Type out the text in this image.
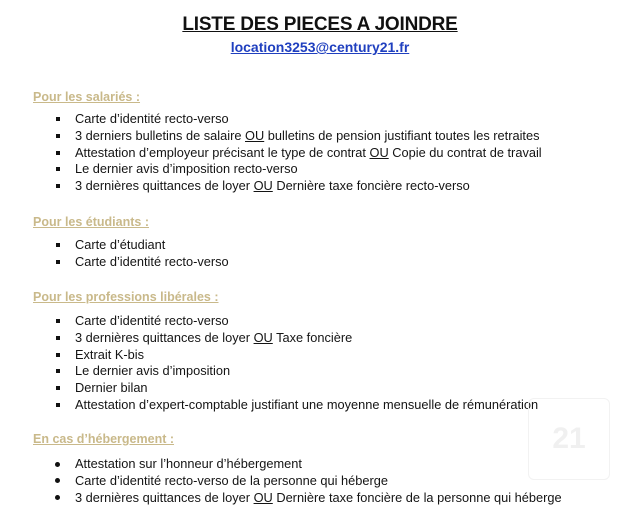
LISTE DES PIECES A JOINDRE
location3253@century21.fr
Pour les salariés :
Carte d’identité recto-verso
3 derniers bulletins de salaire OU bulletins de pension justifiant toutes les retraites
Attestation d’employeur précisant le type de contrat OU Copie du contrat de travail
Le dernier avis d’imposition recto-verso
3 dernières quittances de loyer OU Dernière taxe foncière recto-verso
Pour les étudiants :
Carte d’étudiant
Carte d’identité recto-verso
Pour les professions libérales :
Carte d’identité recto-verso
3 dernières quittances de loyer OU Taxe foncière
Extrait K-bis
Le dernier avis d’imposition
Dernier bilan
Attestation d’expert-comptable justifiant une moyenne mensuelle de rémunération
En cas d’hébergement :
Attestation sur l’honneur d’hébergement
Carte d’identité recto-verso de la personne qui héberge
3 dernières quittances de loyer OU Dernière taxe foncière de la personne qui héberge
21
